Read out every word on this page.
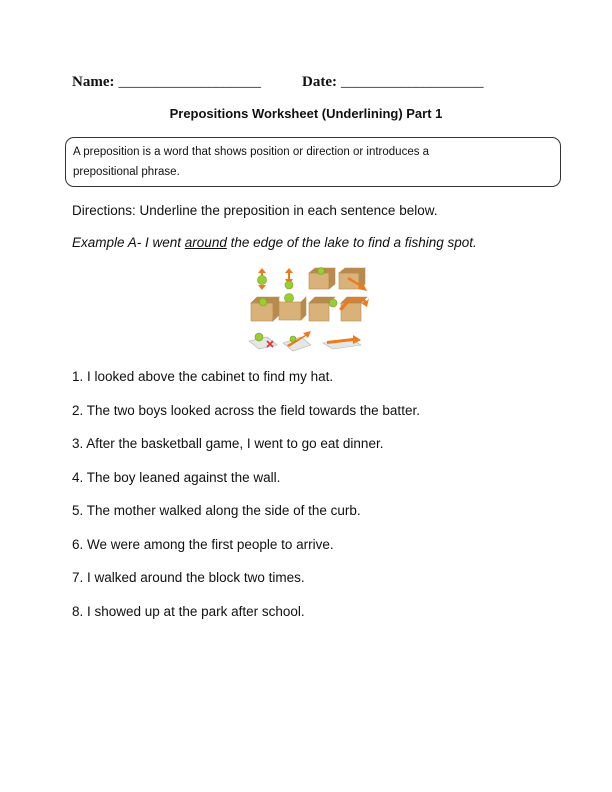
Name: ___________________	Date: ___________________
Prepositions Worksheet (Underlining) Part 1
A preposition is a word that shows position or direction or introduces a
prepositional phrase.
Directions: Underline the preposition in each sentence below.
Example A- I went around the edge of the lake to find a fishing spot.
1. I looked above the cabinet to find my hat.
2. The two boys looked across the field towards the batter.
3. After the basketball game, I went to go eat dinner.
4. The boy leaned against the wall.
5. The mother walked along the side of the curb.
6. We were among the first people to arrive.
7. I walked around the block two times.
8. I showed up at the park after school.
